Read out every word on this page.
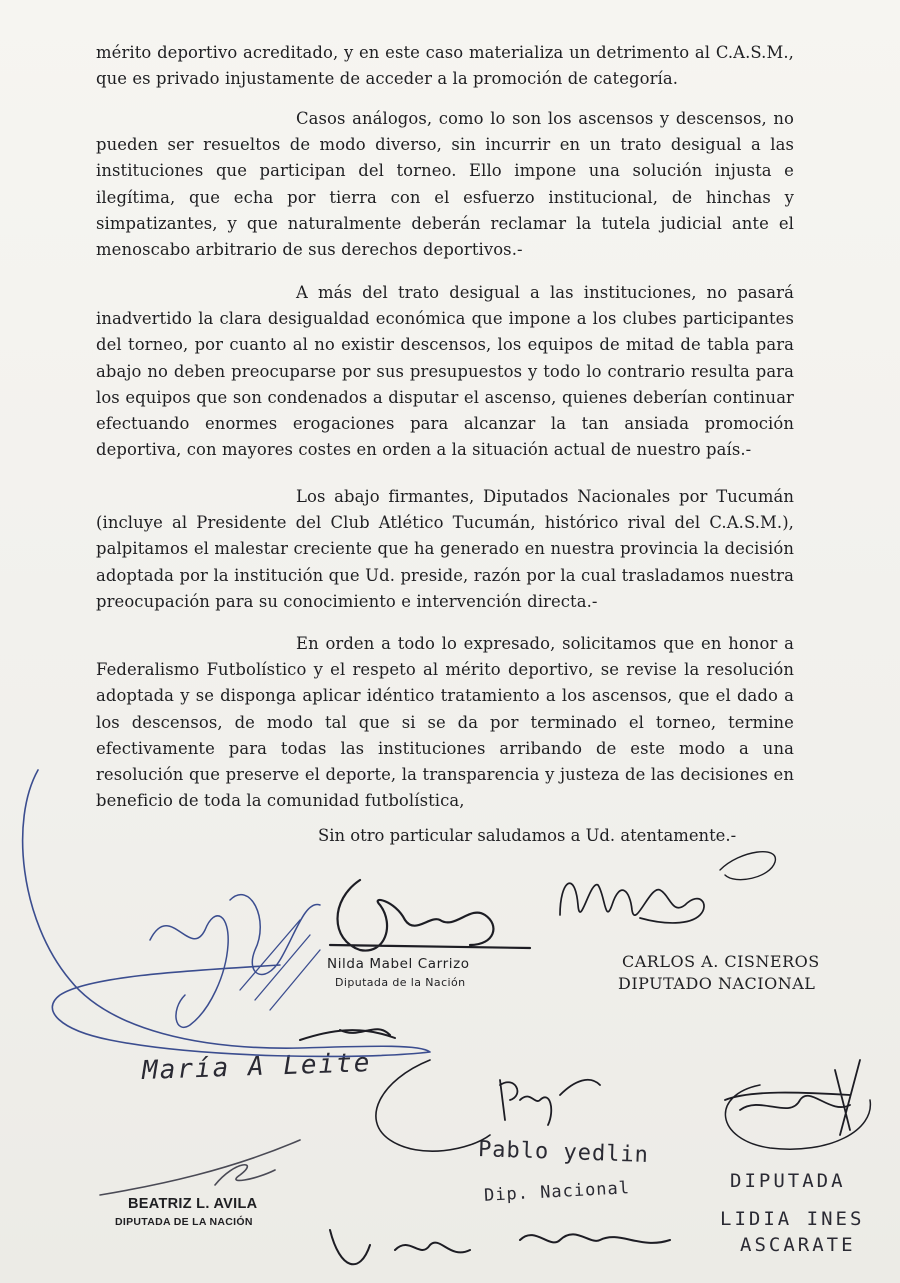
mérito deportivo acreditado, y en este caso materializa un detrimento al C.A.S.M., que es privado injustamente de acceder a la promoción de categoría.

Casos análogos, como lo son los ascensos y descensos, no pueden ser resueltos de modo diverso, sin incurrir en un trato desigual a las instituciones que participan del torneo. Ello impone una solución injusta e ilegítima, que echa por tierra con el esfuerzo institucional, de hinchas y simpatizantes, y que naturalmente deberán reclamar la tutela judicial ante el menoscabo arbitrario de sus derechos deportivos.-

A más del trato desigual a las instituciones, no pasará inadvertido la clara desigualdad económica que impone a los clubes participantes del torneo, por cuanto al no existir descensos, los equipos de mitad de tabla para abajo no deben preocuparse por sus presupuestos y todo lo contrario resulta para los equipos que son condenados a disputar el ascenso, quienes deberían continuar efectuando enormes erogaciones para alcanzar la tan ansiada promoción deportiva, con mayores costes en orden a la situación actual de nuestro país.-

Los abajo firmantes, Diputados Nacionales por Tucumán (incluye al Presidente del Club Atlético Tucumán, histórico rival del C.A.S.M.), palpitamos el malestar creciente que ha generado en nuestra provincia la decisión adoptada por la institución que Ud. preside, razón por la cual trasladamos nuestra preocupación para su conocimiento e intervención directa.-

En orden a todo lo expresado, solicitamos que en honor a Federalismo Futbolístico y el respeto al mérito deportivo, se revise la resolución adoptada y se disponga aplicar idéntico tratamiento a los ascensos, que el dado a los descensos, de modo tal que si se da por terminado el torneo, termine efectivamente para todas las instituciones arribando de este modo a una resolución que preserve el deporte, la transparencia y justeza de las decisiones en beneficio de toda la comunidad futbolística,

Sin otro particular saludamos a Ud. atentamente.-
Nilda Mabel Carrizo
Diputada de la Nación
CARLOS A. CISNEROS
DIPUTADO NACIONAL
BEATRIZ L. AVILA
DIPUTADA DE LA NACIÓN
María A Leite
Pablo yedlin
Dip. Nacional	DIPUTADA
LIDIA INES
ASCARATE
